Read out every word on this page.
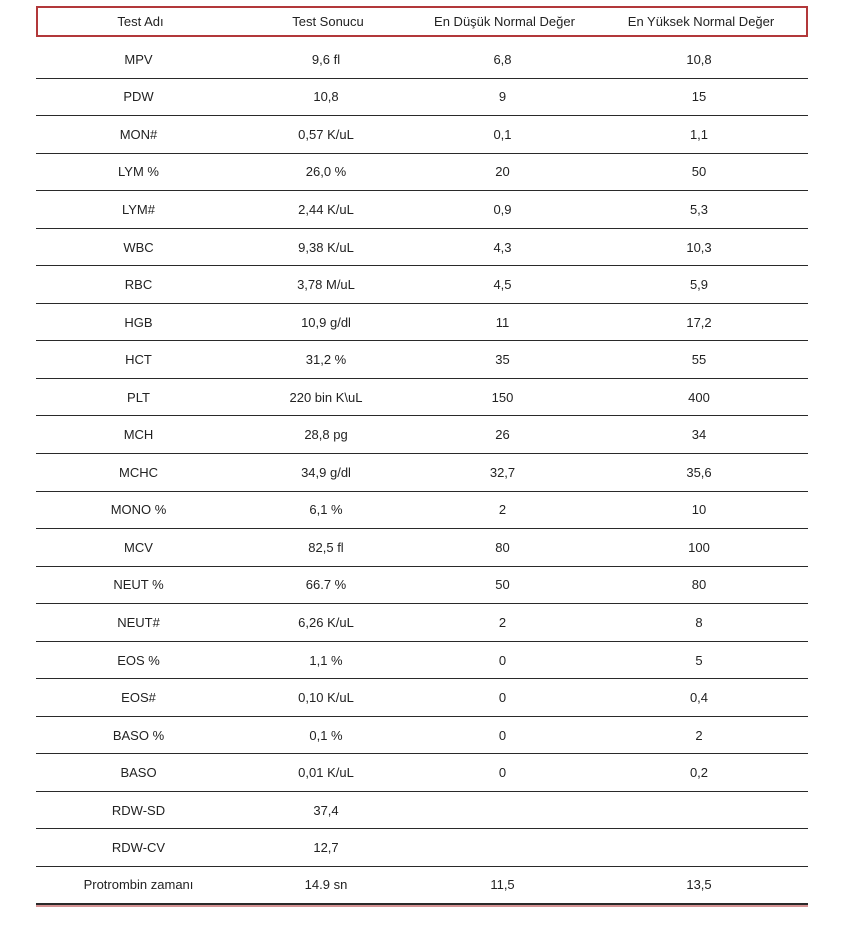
Test Adı	Test Sonucu	En Düşük Normal Değer	En Yüksek Normal Değer
MPV	9,6 fl	6,8	10,8
PDW	10,8	9	15
MON#	0,57 K/uL	0,1	1,1
LYM %	26,0 %	20	50
LYM#	2,44 K/uL	0,9	5,3
WBC	9,38 K/uL	4,3	10,3
RBC	3,78 M/uL	4,5	5,9
HGB	10,9 g/dl	11	17,2
HCT	31,2 %	35	55
PLT	220 bin K\uL	150	400
MCH	28,8 pg	26	34
MCHC	34,9 g/dl	32,7	35,6
MONO %	6,1 %	2	10
MCV	82,5 fl	80	100
NEUT %	66.7 %	50	80
NEUT#	6,26 K/uL	2	8
EOS %	1,1 %	0	5
EOS#	0,10 K/uL	0	0,4
BASO %	0,1 %	0	2
BASO	0,01 K/uL	0	0,2
RDW-SD	37,4
RDW-CV	12,7
Protrombin zamanı	14.9 sn	11,5	13,5
